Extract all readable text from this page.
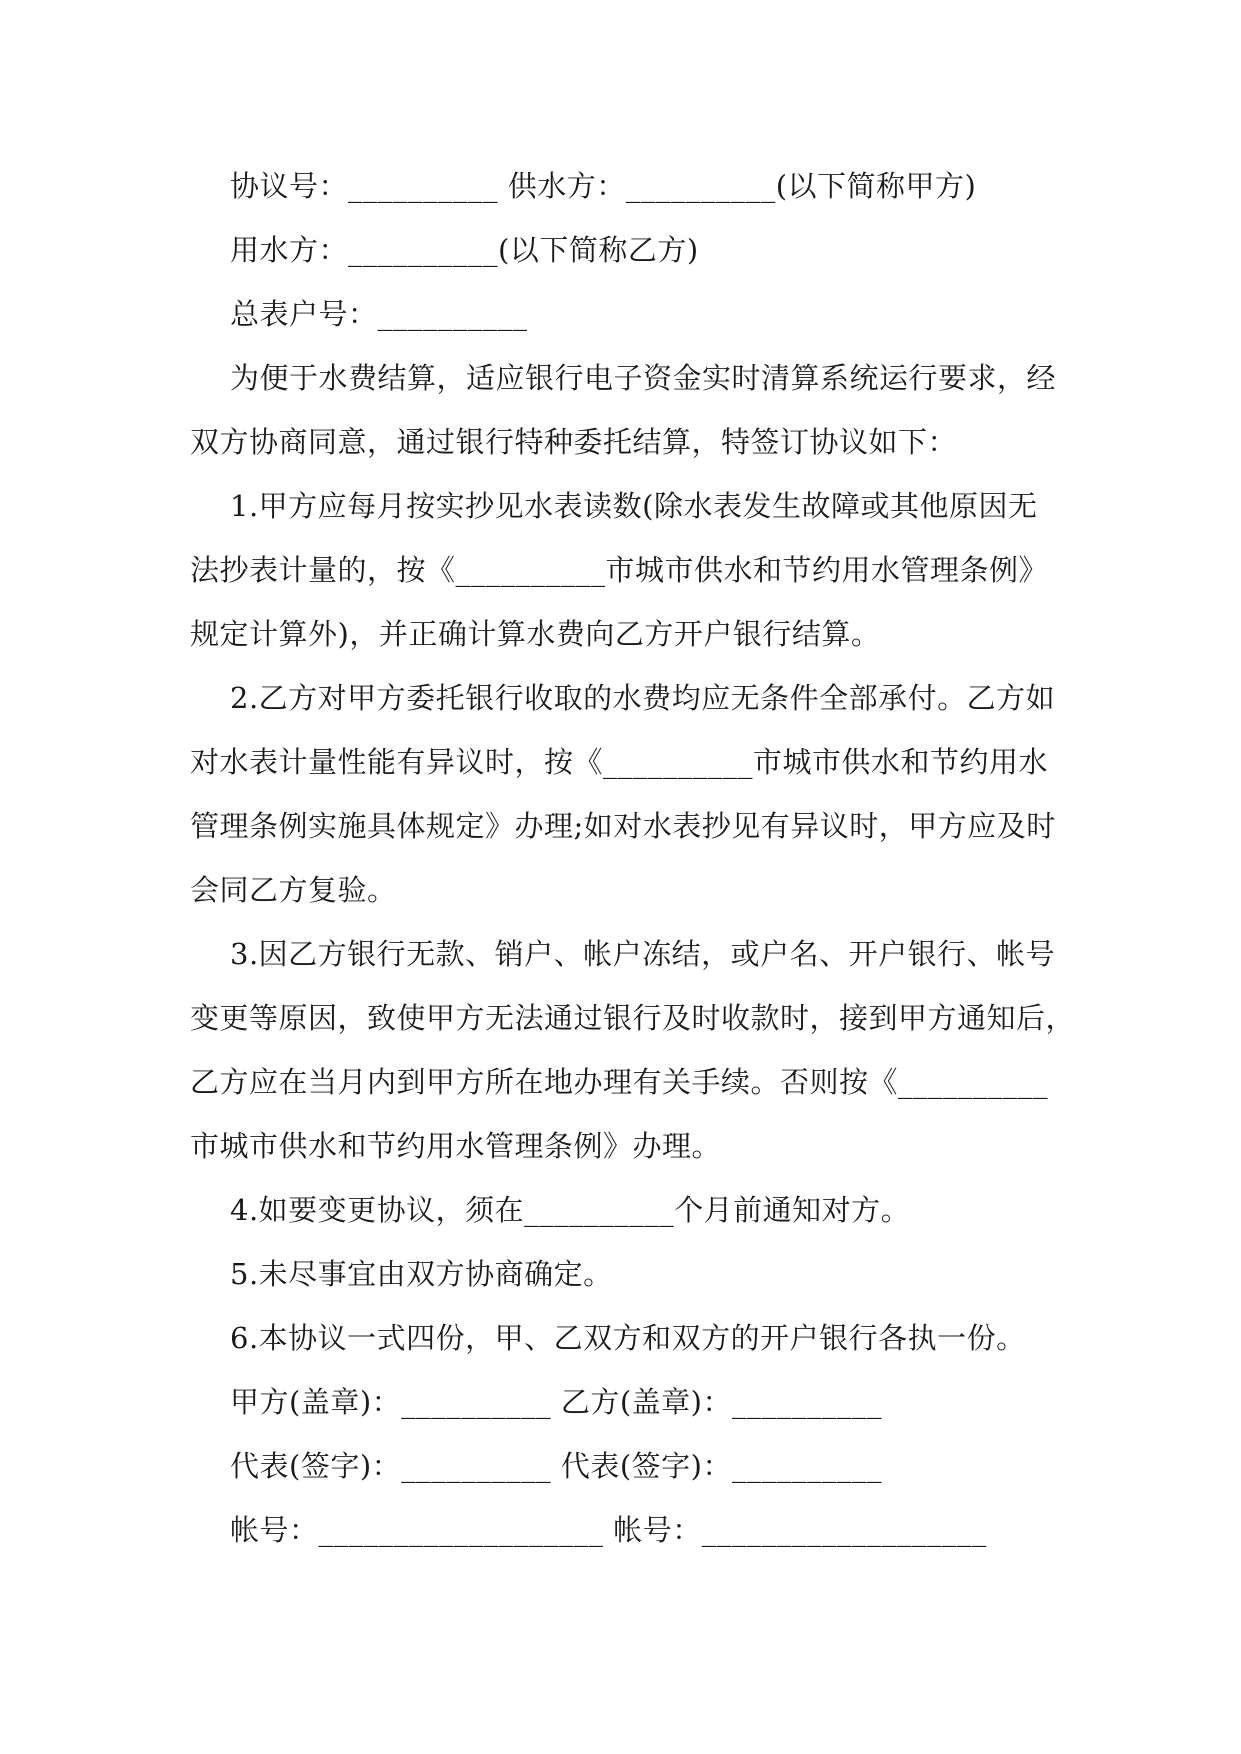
协议号：__________ 供水方：__________(以下简称甲方)
用水方：__________(以下简称乙方)
总表户号：__________
为便于水费结算，适应银行电子资金实时清算系统运行要求，经
双方协商同意，通过银行特种委托结算，特签订协议如下：
1.甲方应每月按实抄见水表读数(除水表发生故障或其他原因无
法抄表计量的，按《__________市城市供水和节约用水管理条例》
规定计算外)，并正确计算水费向乙方开户银行结算。
2.乙方对甲方委托银行收取的水费均应无条件全部承付。乙方如
对水表计量性能有异议时，按《__________市城市供水和节约用水
管理条例实施具体规定》办理;如对水表抄见有异议时，甲方应及时
会同乙方复验。
3.因乙方银行无款、销户、帐户冻结，或户名、开户银行、帐号
变更等原因，致使甲方无法通过银行及时收款时，接到甲方通知后，
乙方应在当月内到甲方所在地办理有关手续。否则按《__________
市城市供水和节约用水管理条例》办理。
4.如要变更协议，须在__________个月前通知对方。
5.未尽事宜由双方协商确定。
6.本协议一式四份，甲、乙双方和双方的开户银行各执一份。
甲方(盖章)：__________ 乙方(盖章)：__________
代表(签字)：__________ 代表(签字)：__________
帐号：___________________ 帐号：___________________
